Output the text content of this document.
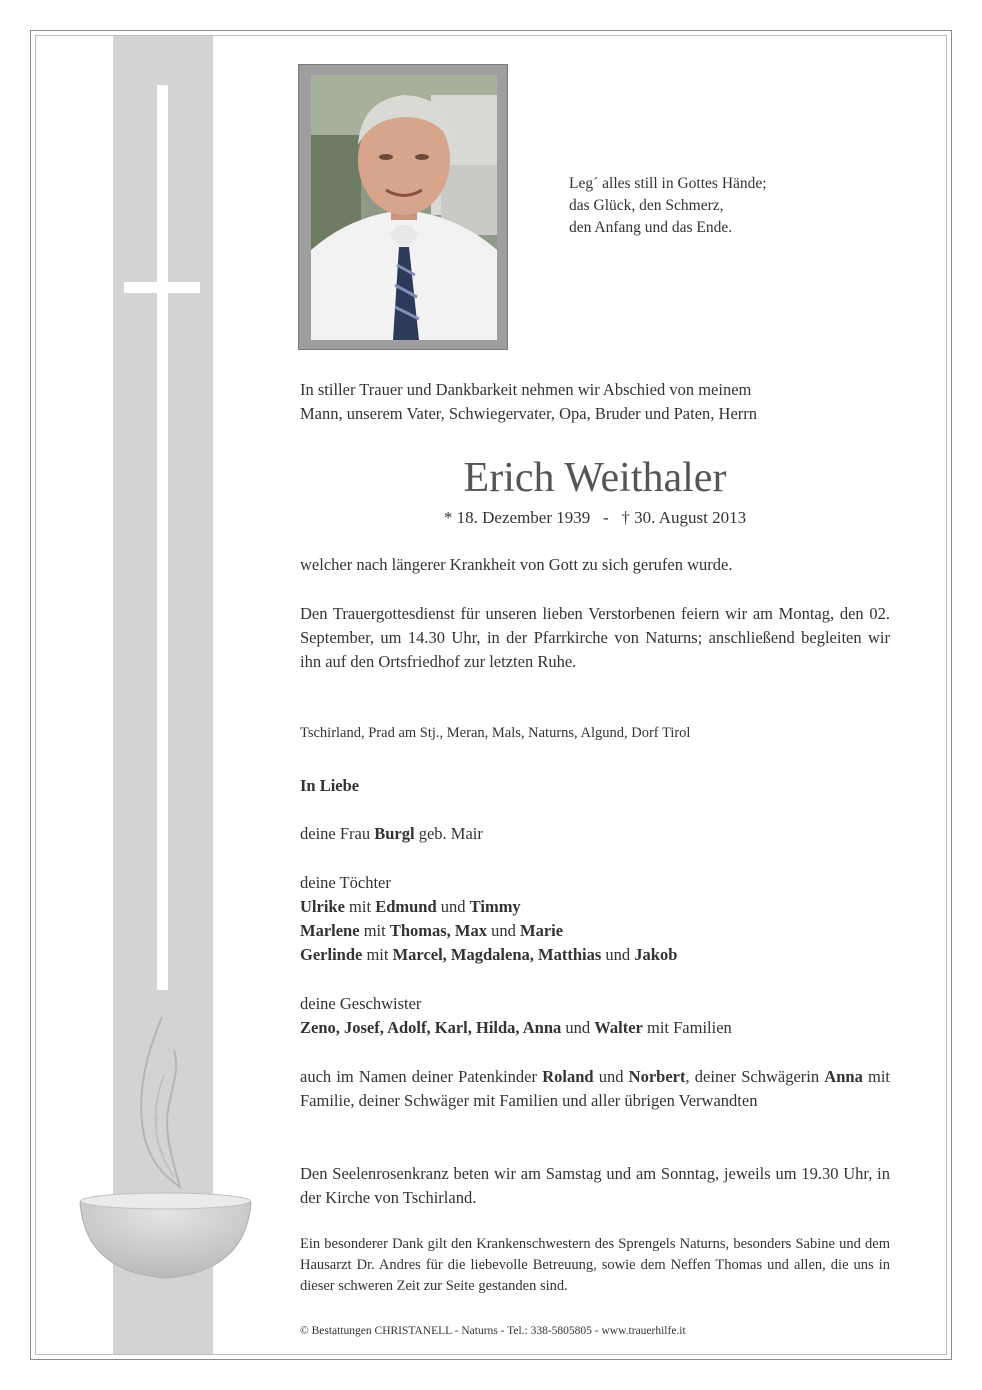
Leg´ alles still in Gottes Hände;
das Glück, den Schmerz,
den Anfang und das Ende.
In stiller Trauer und Dankbarkeit nehmen wir Abschied von meinem
Mann, unserem Vater, Schwiegervater, Opa, Bruder und Paten, Herrn
Erich Weithaler
* 18. Dezember 1939   -   † 30. August 2013
welcher nach längerer Krankheit von Gott zu sich gerufen wurde.
Den Trauergottesdienst für unseren lieben Verstorbenen feiern wir am Montag, den 02. September, um 14.30 Uhr, in der Pfarrkirche von Naturns; anschließend begleiten wir ihn auf den Ortsfriedhof zur letzten Ruhe.
Tschirland, Prad am Stj., Meran, Mals, Naturns, Algund, Dorf Tirol
In Liebe
deine Frau Burgl geb. Mair
deine Töchter
Ulrike mit Edmund und Timmy
Marlene mit Thomas, Max und Marie
Gerlinde mit Marcel, Magdalena, Matthias und Jakob
deine Geschwister
Zeno, Josef, Adolf, Karl, Hilda, Anna und Walter mit Familien
auch im Namen deiner Patenkinder Roland und Norbert, deiner Schwägerin Anna mit Familie, deiner Schwäger mit Familien und aller übrigen Verwandten
Den Seelenrosenkranz beten wir am Samstag und am Sonntag, jeweils um 19.30 Uhr, in der Kirche von Tschirland.
Ein besonderer Dank gilt den Krankenschwestern des Sprengels Naturns, besonders Sabine und dem Hausarzt Dr. Andres für die liebevolle Betreuung, sowie dem Neffen Thomas und allen, die uns in dieser schweren Zeit zur Seite gestanden sind.
© Bestattungen CHRISTANELL - Naturns - Tel.: 338-5805805 - www.trauerhilfe.it
